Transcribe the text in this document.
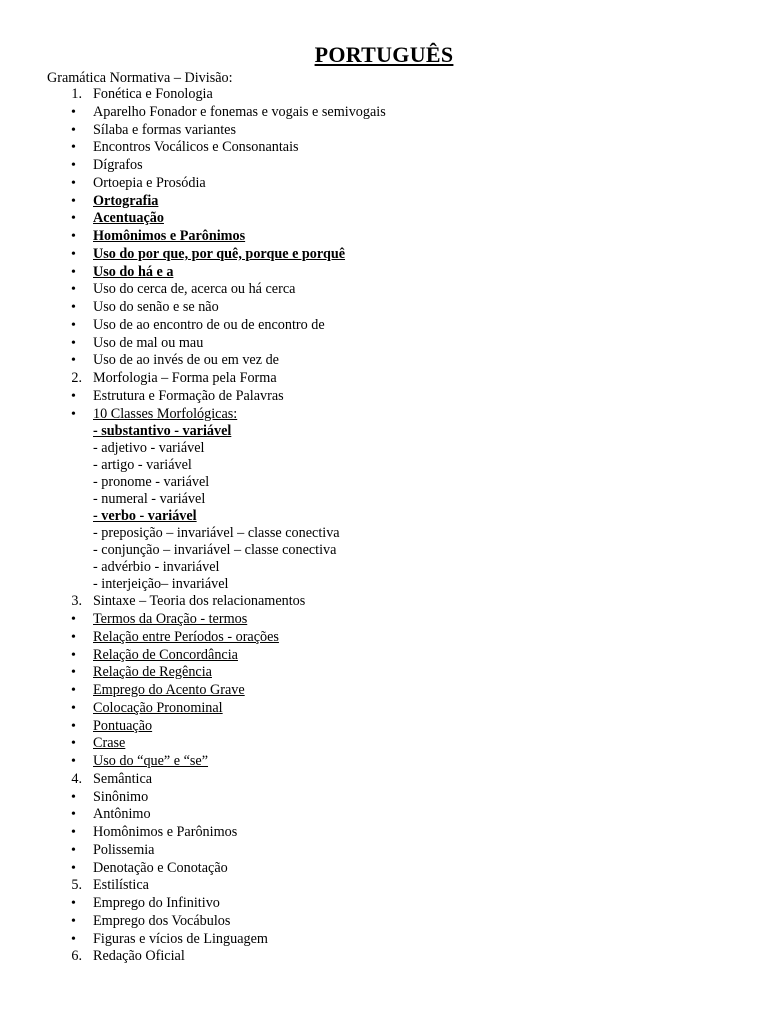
PORTUGUÊS
Gramática Normativa – Divisão:
1. Fonética e Fonologia
• Aparelho Fonador e fonemas e vogais e semivogais
• Sílaba e formas variantes
• Encontros Vocálicos e Consonantais
• Dígrafos
• Ortoepia e Prosódia
• Ortografia
• Acentuação
• Homônimos e Parônimos
• Uso do por que, por quê, porque e porquê
• Uso do há e a
• Uso do cerca de, acerca ou há cerca
• Uso do senão e se não
• Uso de ao encontro de ou de encontro de
• Uso de mal ou mau
• Uso de ao invés de ou em vez de
2. Morfologia – Forma pela Forma
• Estrutura e Formação de Palavras
• 10 Classes Morfológicas:
- substantivo - variável
- adjetivo - variável
- artigo - variável
- pronome - variável
- numeral - variável
- verbo - variável
- preposição – invariável – classe conectiva
- conjunção – invariável – classe conectiva
- advérbio - invariável
- interjeição– invariável
3. Sintaxe – Teoria dos relacionamentos
• Termos da Oração - termos
• Relação entre Períodos - orações
• Relação de Concordância
• Relação de Regência
• Emprego do Acento Grave
• Colocação Pronominal
• Pontuação
• Crase
• Uso do “que” e “se”
4. Semântica
• Sinônimo
• Antônimo
• Homônimos e Parônimos
• Polissemia
• Denotação e Conotação
5. Estilística
• Emprego do Infinitivo
• Emprego dos Vocábulos
• Figuras e vícios de Linguagem
6. Redação Oficial
